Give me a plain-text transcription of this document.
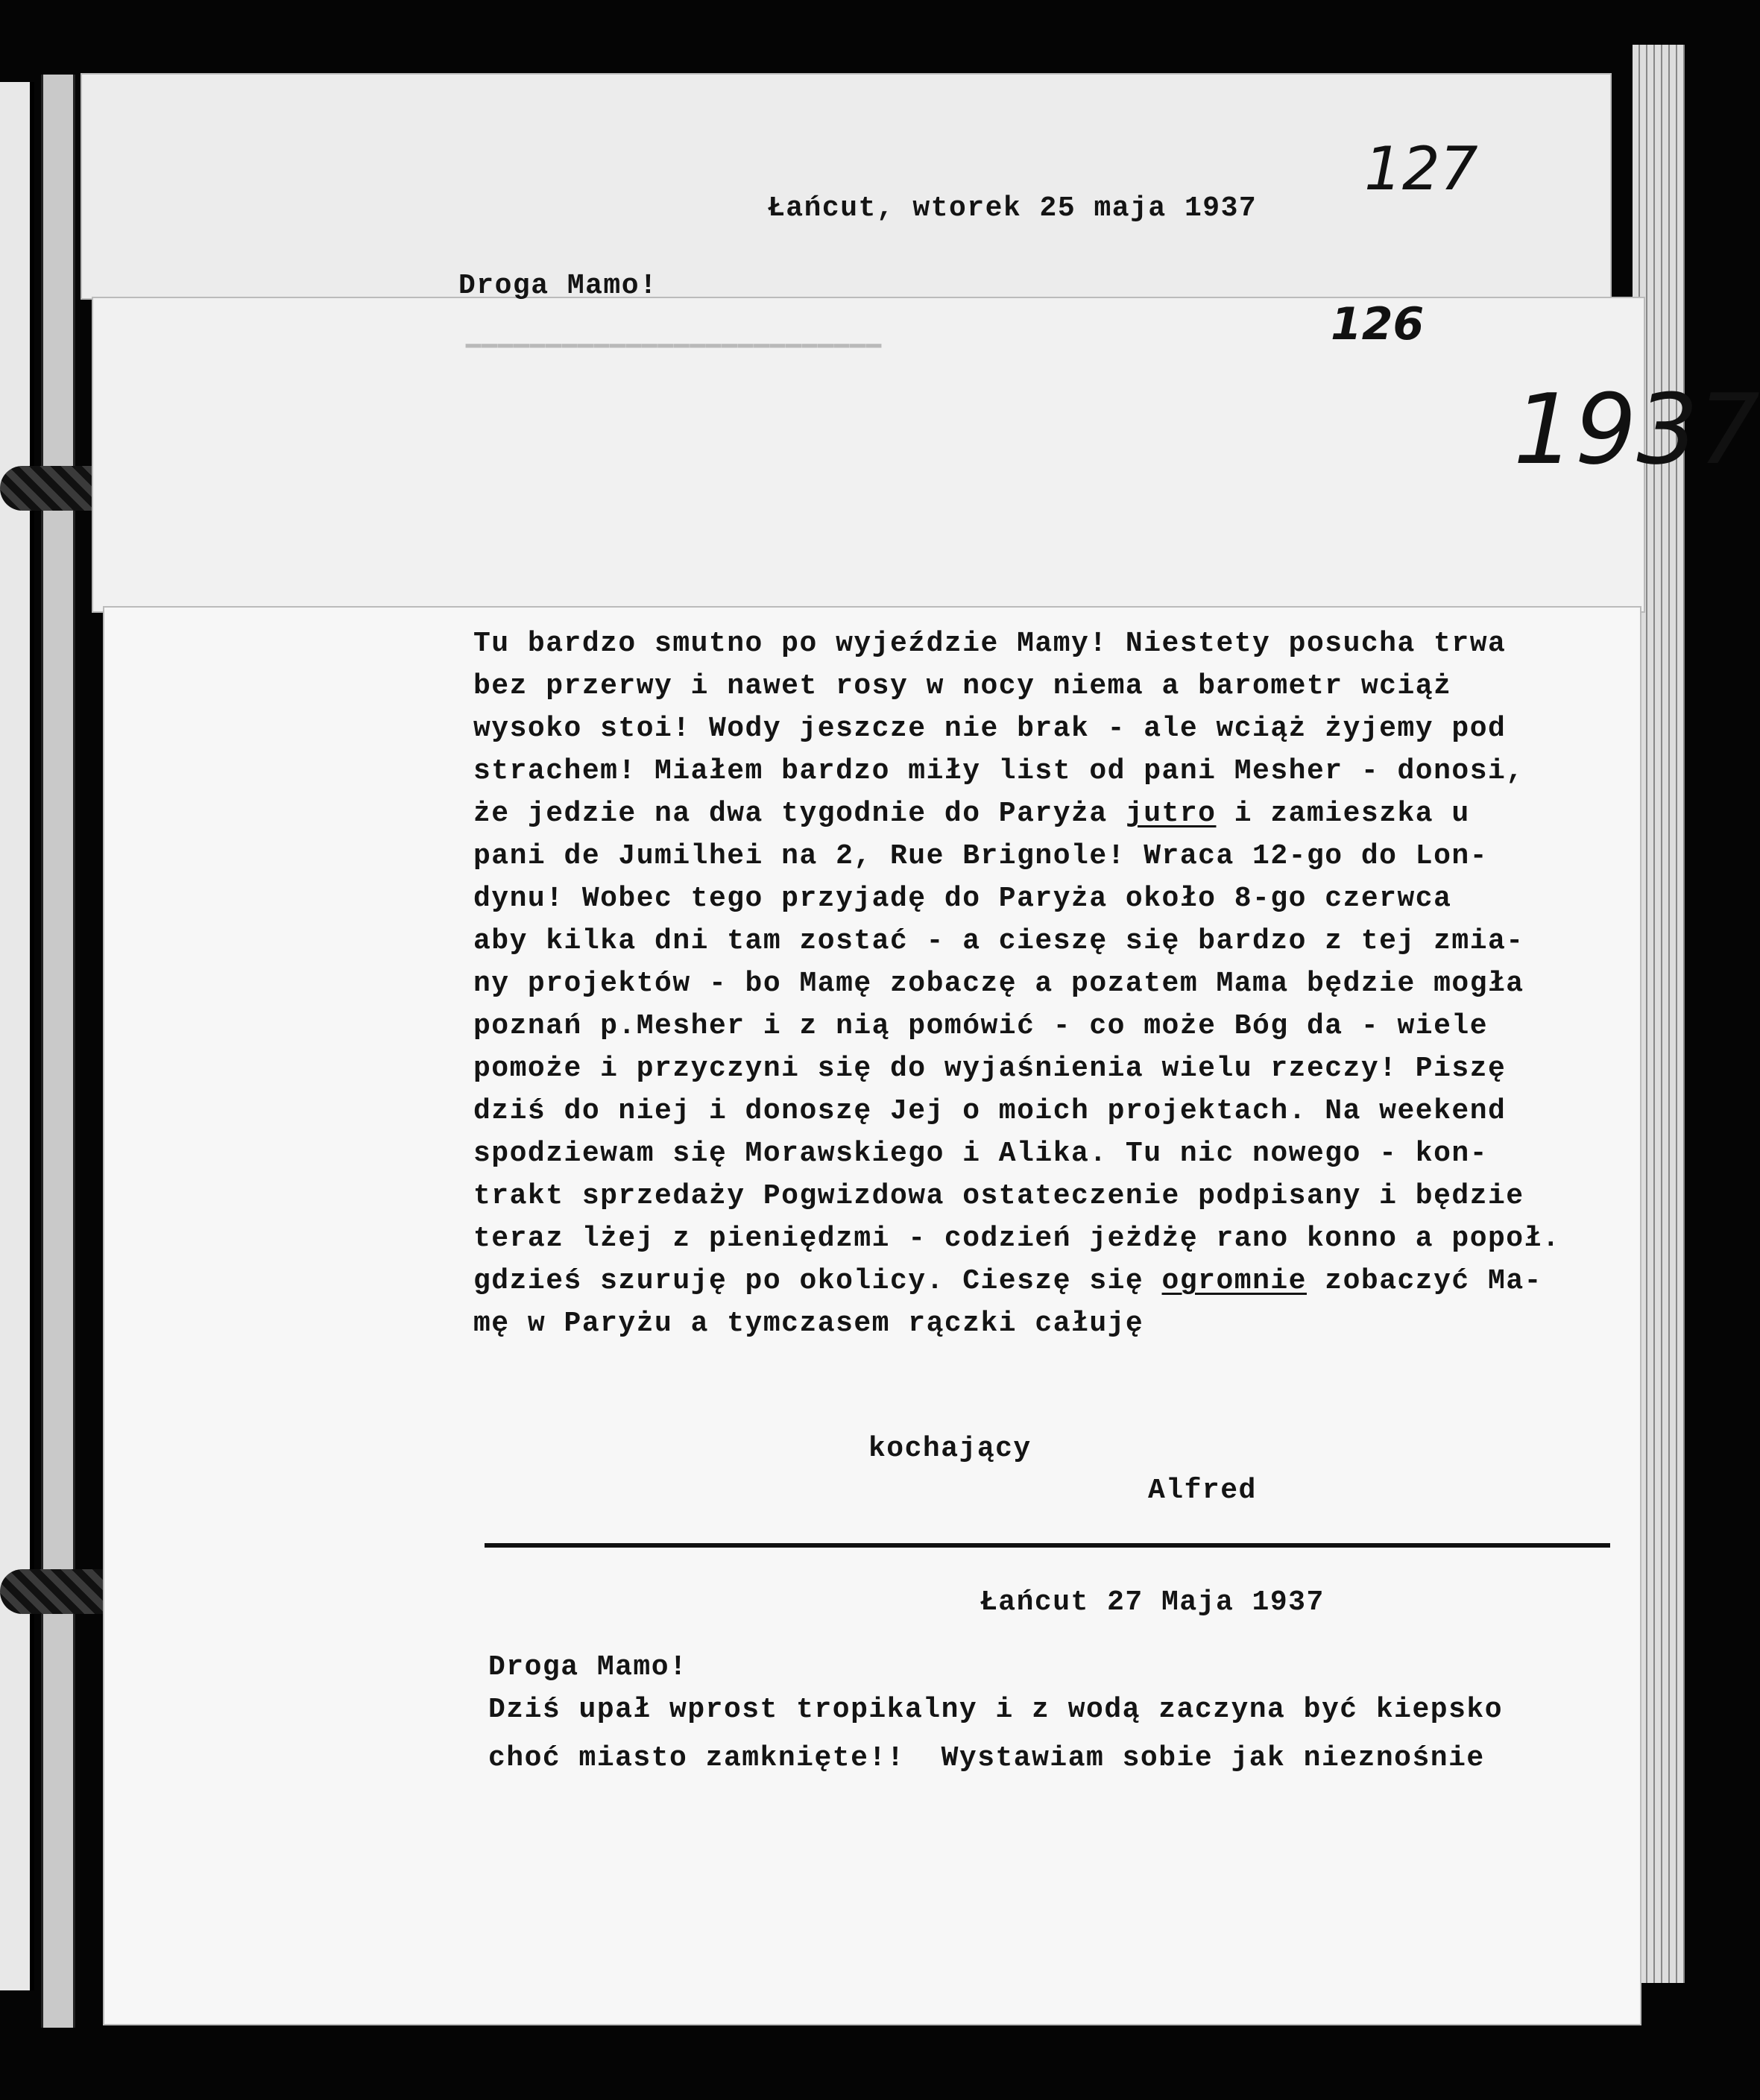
▁▁▁▁▁▁▁▁▁▁▁▁▁▁▁▁▁▁▁▁▁▁▁▁▁▁
127
126
1937
Łańcut, wtorek 25 maja 1937
Droga Mamo!
Tu bardzo smutno po wyjeździe Mamy! Niestety posucha trwa
bez przerwy i nawet rosy w nocy niema a barometr wciąż
wysoko stoi! Wody jeszcze nie brak - ale wciąż żyjemy pod
strachem! Miałem bardzo miły list od pani Mesher - donosi,
że jedzie na dwa tygodnie do Paryża jutro i zamieszka u
pani de Jumilhei na 2, Rue Brignole! Wraca 12-go do Lon-
dynu! Wobec tego przyjadę do Paryża około 8-go czerwca
aby kilka dni tam zostać - a cieszę się bardzo z tej zmia-
ny projektów - bo Mamę zobaczę a pozatem Mama będzie mogła
poznań p.Mesher i z nią pomówić - co może Bóg da - wiele
pomoże i przyczyni się do wyjaśnienia wielu rzeczy! Piszę
dziś do niej i donoszę Jej o moich projektach. Na weekend
spodziewam się Morawskiego i Alika. Tu nic nowego - kon-
trakt sprzedaży Pogwizdowa ostateczenie podpisany i będzie
teraz lżej z pieniędzmi - codzień jeżdżę rano konno a popoł.
gdzieś szuruję po okolicy. Cieszę się ogromnie zobaczyć Ma-
mę w Paryżu a tymczasem rączki całuję
kochający
Alfred
Łańcut 27 Maja 1937
Droga Mamo!
Dziś upał wprost tropikalny i z wodą zaczyna być kiepsko
choć miasto zamknięte!!  Wystawiam sobie jak nieznośnie
